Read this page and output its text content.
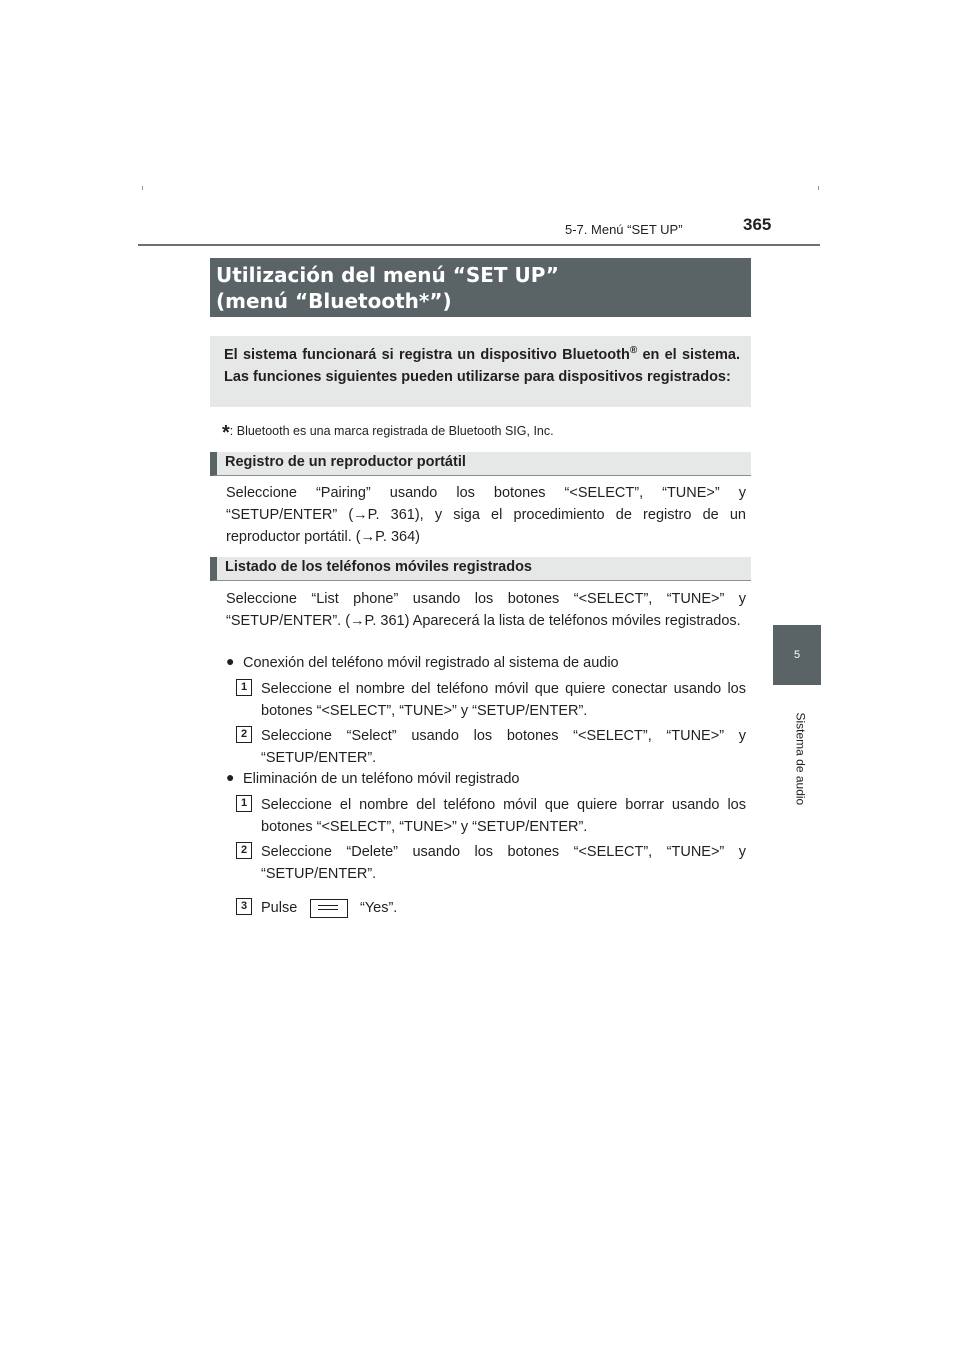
5-7. Menú “SET UP”	365
5
Sistema de audio
Utilización del menú “SET UP”
(menú “Bluetooth*”)
El sistema funcionará si registra un dispositivo Bluetooth® en el sistema. Las funciones siguientes pueden utilizarse para dispositivos registrados:
*: Bluetooth es una marca registrada de Bluetooth SIG, Inc.
Registro de un reproductor portátil
Seleccione “Pairing” usando los botones “<SELECT”, “TUNE>” y “SETUP/ENTER” (→P. 361), y siga el procedimiento de registro de un reproductor portátil. (→P. 364)
Listado de los teléfonos móviles registrados
Seleccione “List phone” usando los botones “<SELECT”, “TUNE>” y “SETUP/ENTER”. (→P. 361) Aparecerá la lista de teléfonos móviles registrados.
● Conexión del teléfono móvil registrado al sistema de audio
1 Seleccione el nombre del teléfono móvil que quiere conectar usando los botones “<SELECT”, “TUNE>” y “SETUP/ENTER”.
2 Seleccione “Select” usando los botones “<SELECT”, “TUNE>” y “SETUP/ENTER”.
● Eliminación de un teléfono móvil registrado
1 Seleccione el nombre del teléfono móvil que quiere borrar usando los botones “<SELECT”, “TUNE>” y “SETUP/ENTER”.
2 Seleccione “Delete” usando los botones “<SELECT”, “TUNE>” y “SETUP/ENTER”.
3 Pulse	“Yes”.
